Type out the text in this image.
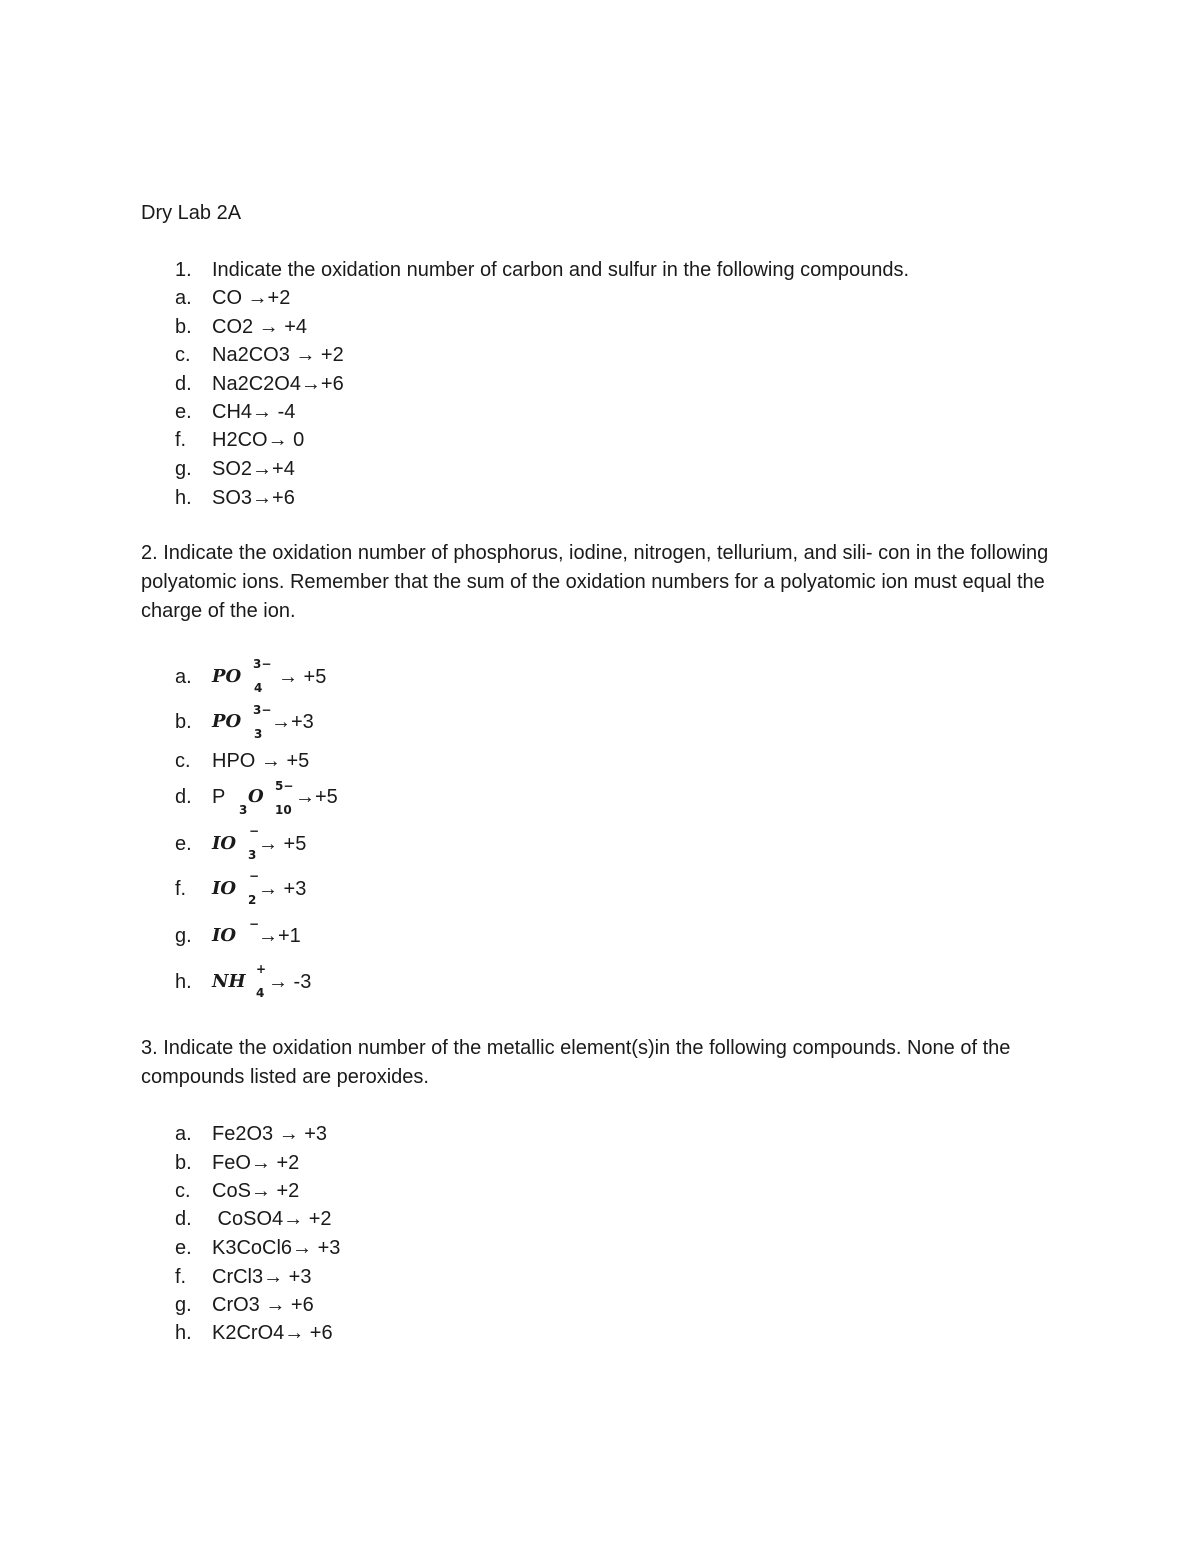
Dry Lab 2A
1. Indicate the oxidation number of carbon and sulfur in the following compounds.
a. CO →+2
b. CO2 → +4
c. Na2CO3 → +2
d. Na2C2O4→+6
e. CH4→ -4
f. H2CO→ 0
g. SO2→+4
h. SO3→+6
2. Indicate the oxidation number of phosphorus, iodine, nitrogen, tellurium, and sili- con in the following polyatomic ions. Remember that the sum of the oxidation numbers for a polyatomic ion must equal the charge of the ion.
a. PO
3−
4 → +5
b. PO
3−
3
→+3
c. HPO → +5
d. P
3
O 5−
10
→+5
e. IO
−
3 → +5
f. IO
−
2 → +3
g. IO
−
→+1
h. NH
+
4 → -3
3. Indicate the oxidation number of the metallic element(s)in the following compounds. None of the compounds listed are peroxides.
a. Fe2O3 → +3
b. FeO→ +2
c. CoS→ +2
d. CoSO4→ +2
e. K3CoCl6→ +3
f. CrCl3→ +3
g. CrO3 → +6
h. K2CrO4→ +6
